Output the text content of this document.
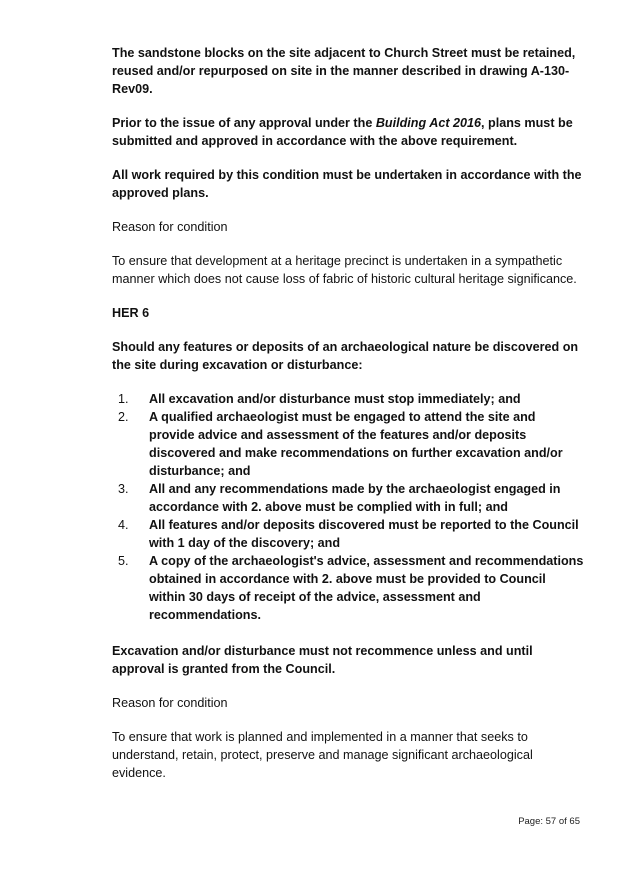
The sandstone blocks on the site adjacent to Church Street must be retained, reused and/or repurposed on site in the manner described in drawing A-130-Rev09.

Prior to the issue of any approval under the Building Act 2016, plans must be submitted and approved in accordance with the above requirement.

All work required by this condition must be undertaken in accordance with the approved plans.

Reason for condition

To ensure that development at a heritage precinct is undertaken in a sympathetic manner which does not cause loss of fabric of historic cultural heritage significance.

HER 6

Should any features or deposits of an archaeological nature be discovered on the site during excavation or disturbance:

1. All excavation and/or disturbance must stop immediately; and
2. A qualified archaeologist must be engaged to attend the site and provide advice and assessment of the features and/or deposits discovered and make recommendations on further excavation and/or disturbance; and
3. All and any recommendations made by the archaeologist engaged in accordance with 2. above must be complied with in full; and
4. All features and/or deposits discovered must be reported to the Council with 1 day of the discovery; and
5. A copy of the archaeologist's advice, assessment and recommendations obtained in accordance with 2. above must be provided to Council within 30 days of receipt of the advice, assessment and recommendations.

Excavation and/or disturbance must not recommence unless and until approval is granted from the Council.

Reason for condition

To ensure that work is planned and implemented in a manner that seeks to understand, retain, protect, preserve and manage significant archaeological evidence.

Page: 57 of 65
